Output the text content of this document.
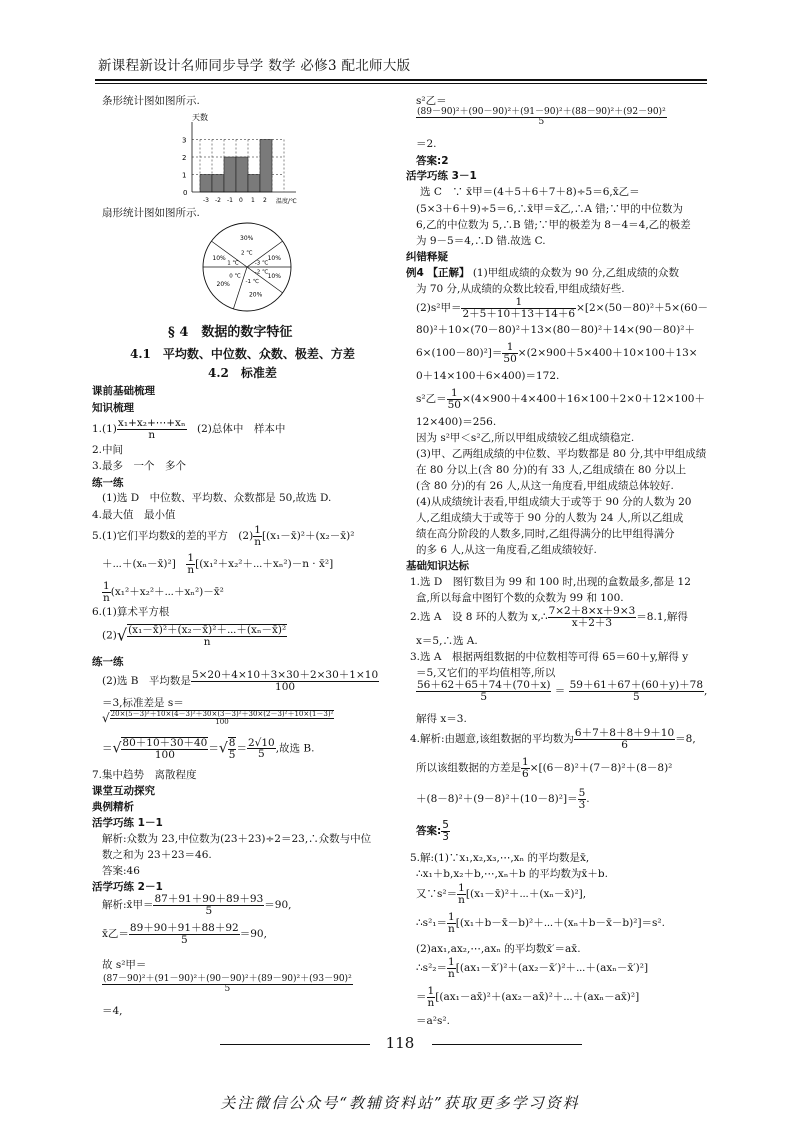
新课程新设计名师同步导学 数学 必修3 配北师大版
条形统计图如图所示.
天数
1
2
3
0
-3 -2 -1 0 1 2 温度/℃
扇形统计图如图所示.
30%
2 ℃
10%
-3 ℃
10%
-2 ℃
20%
-1 ℃
20%
0 ℃
10%
1 ℃
§ 4　数据的数字特征
4.1　平均数、中位数、众数、极差、方差
4.2　标准差
课前基础梳理
知识梳理
$1.(1) \frac{\text{x₁+x₂+⋯+xₙ}}{n}$ 　(2)总体中　样本中
2.中间
3.最多　一个　多个
练一练
(1)选 D　中位数、平均数、众数都是 50,故选 D.
4.最大值　最小值
5.(1)它们平均数x̄的差的平方　$(2) \frac{1}{n}$ [(x₁－x̄)²＋(x₂－x̄)²
＋⋯＋(xₙ－x̄)²]　 $\frac{1}{n}$ [(x₁²＋x₂²＋⋯＋xₙ²)－n · x̄²]
$\frac{1}{n}$ (x₁²＋x₂²＋⋯＋xₙ²)－x̄²
6.(1)算术平方根
$(2)√ \frac{\text{(x₁－x̄)²＋(x₂－x̄)²＋⋯＋(xₙ－x̄)²}}{n}$
练一练
(2)选 B　平均数是 $\frac{5\times 20+4\times 10+3\times 30+2\times 30+1\times 10}{100}$
＝3,标准差是 s＝
√ $\frac{\text{20×(5－3)²＋10×(4－3)²＋30×(3－3)²＋30×(2－3)²＋10×(1－3)²}}{100}$
＝√ $\frac{80+10+30+40}{100}$ ＝√ $\frac{8}{5} = \frac{2√10}{5}$ ,故选 B.
7.集中趋势　离散程度
课堂互动探究
典例精析
活学巧练 1－1
解析:众数为 23,中位数为(23＋23)÷2＝23,∴众数与中位
数之和为 23＋23＝46.
答案:46
活学巧练 2－1
解析:x̄甲＝ $\frac{87+91+90+89+93}{5} =90$,
x̄乙＝ $\frac{89+90+91+88+92}{5} =90$,
故 s²甲＝
$\frac{\text{(87－90)²＋(91－90)²＋(90－90)²＋(89－90)²＋(93－90)²}}{5}$
＝4,
s²乙＝
$\frac{\text{(89－90)²＋(90－90)²＋(91－90)²＋(88－90)²＋(92－90)²}}{5}$
＝2.
答案:2
活学巧练 3－1
选 C　∵ x̄甲＝(4＋5＋6＋7＋8)÷5＝6,x̄乙＝
(5×3＋6＋9)÷5＝6,∴x̄甲＝x̄乙,∴A 错;∵甲的中位数为
6,乙的中位数为 5,∴B 错;∵甲的极差为 8－4＝4,乙的极差
为 9－5＝4,∴D 错.故选 C.
纠错释疑
例4 【正解】 (1)甲组成绩的众数为 90 分,乙组成绩的众数
为 70 分,从成绩的众数比较看,甲组成绩好些.
(2)s²甲＝ $\frac{1}{2+5+10+13+14+6} \times[2\times(50-80)^2+5\times(60-$
80)²＋10×(70－80)²＋13×(80－80)²＋14×(90－80)²＋
$6\times(100-80)^2]= \frac{1}{50} \times(2\times 900+5\times 400+10\times 100+13\times$
0＋14×100＋6×400)＝172.
s²乙＝ $\frac{1}{50} \times(4\times 900+4\times 400+16\times 100+2\times 0+12\times 100+$
12×400)＝256.
因为 s²甲＜s²乙,所以甲组成绩较乙组成绩稳定.
(3)甲、乙两组成绩的中位数、平均数都是 80 分,其中甲组成绩
在 80 分以上(含 80 分)的有 33 人,乙组成绩在 80 分以上
(含 80 分)的有 26 人,从这一角度看,甲组成绩总体较好.
(4)从成绩统计表看,甲组成绩大于或等于 90 分的人数为 20
人,乙组成绩大于或等于 90 分的人数为 24 人,所以乙组成
绩在高分阶段的人数多,同时,乙组得满分的比甲组得满分
的多 6 人,从这一角度看,乙组成绩较好.
基础知识达标
1.选 D　图钉数目为 99 和 100 时,出现的盒数最多,都是 12
盒,所以每盒中图钉个数的众数为 99 和 100.
2.选 A　设 8 环的人数为 x,∴ $\frac{7\times 2+8\times x+9\times 3}{x+2+3} =8.1$,解得
x＝5,∴选 A.
3.选 A　根据两组数据的中位数相等可得 65＝60＋y,解得 y
＝5,又它们的平均值相等,所以
$\frac{56+62+65+74+(70+x)}{5} = \frac{59+61+67+(60+y)+78}{5}$ ,
解得 x＝3.
4.解析:由题意,该组数据的平均数为 $\frac{6+7+8+8+9+10}{6} =8$,
所以该组数据的方差是 $\frac{1}{6} \times[(6-8)^2+(7-8)^2+(8-8)^2$
$+(8-8)^2+(9-8)^2+(10-8)^2]= \frac{5}{3}$ .
答案: $\frac{5}{3}$
5.解:(1)∵x₁,x₂,x₃,⋯,xₙ 的平均数是x̄,
∴x₁＋b,x₂＋b,⋯,xₙ＋b 的平均数为x̄＋b.
又∵s²＝ $\frac{1}{n}$ [(x₁－x̄)²＋⋯＋(xₙ－x̄)²],
∴s²₁＝ $\frac{1}{n}$ [(x₁＋b－x̄－b)²＋⋯＋(xₙ＋b－x̄－b)²]＝s².
(2)ax₁,ax₂,⋯,axₙ 的平均数x̄′＝ax̄.
∴s²₂＝ $\frac{1}{n}$ [(ax₁－x̄′)²＋(ax₂－x̄′)²＋⋯＋(axₙ－x̄′)²]
＝ $\frac{1}{n}$ [(ax₁－ax̄)²＋(ax₂－ax̄)²＋⋯＋(axₙ－ax̄)²]
＝a²s².
118
关注微信公众号“教辅资料站”获取更多学习资料
